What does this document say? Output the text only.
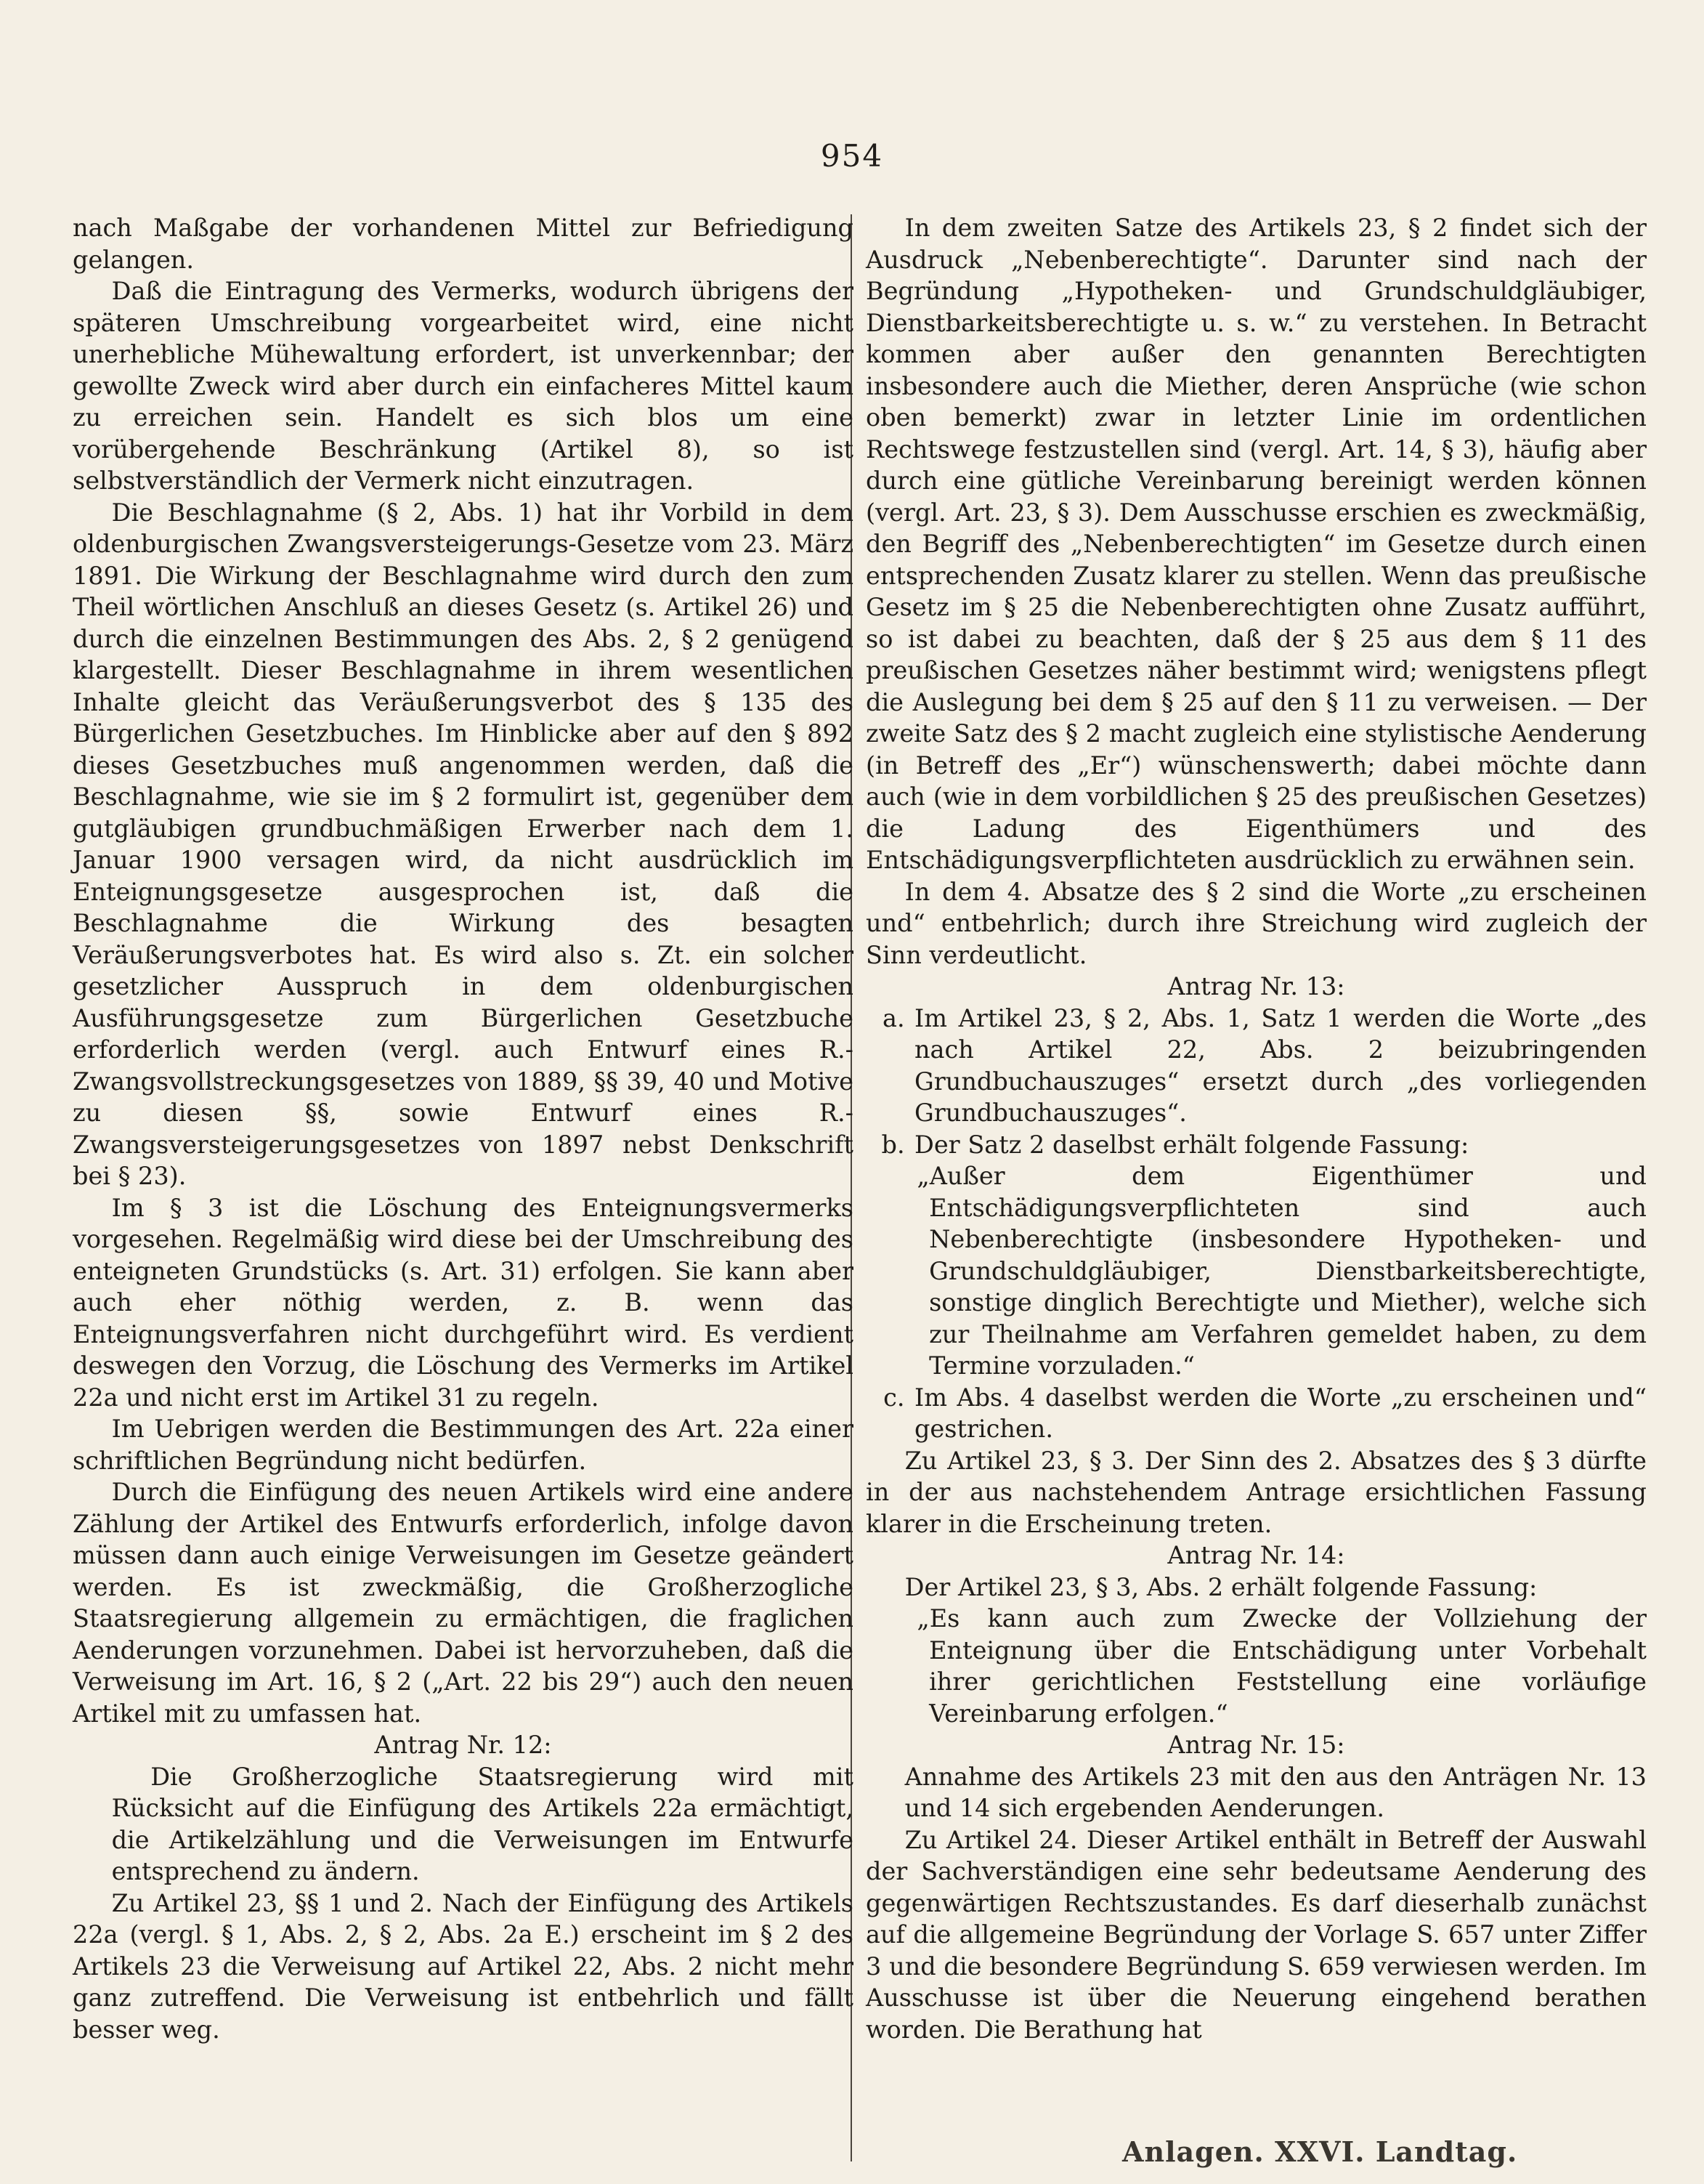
954

nach Maßgabe der vorhandenen Mittel zur Befriedigung gelangen.

Daß die Eintragung des Vermerks, wodurch übrigens der späteren Umschreibung vorgearbeitet wird, eine nicht unerhebliche Mühewaltung erfordert, ist unverkennbar; der gewollte Zweck wird aber durch ein einfacheres Mittel kaum zu erreichen sein. Handelt es sich blos um eine vorübergehende Beschränkung (Artikel 8), so ist selbstverständlich der Vermerk nicht einzutragen.

Die Beschlagnahme (§ 2, Abs. 1) hat ihr Vorbild in dem oldenburgischen Zwangsversteigerungs-Gesetze vom 23. März 1891. Die Wirkung der Beschlagnahme wird durch den zum Theil wörtlichen Anschluß an dieses Gesetz (s. Artikel 26) und durch die einzelnen Bestimmungen des Abs. 2, § 2 genügend klargestellt. Dieser Beschlagnahme in ihrem wesentlichen Inhalte gleicht das Veräußerungsverbot des § 135 des Bürgerlichen Gesetzbuches. Im Hinblicke aber auf den § 892 dieses Gesetzbuches muß angenommen werden, daß die Beschlagnahme, wie sie im § 2 formulirt ist, gegenüber dem gutgläubigen grundbuchmäßigen Erwerber nach dem 1. Januar 1900 versagen wird, da nicht ausdrücklich im Enteignungsgesetze ausgesprochen ist, daß die Beschlagnahme die Wirkung des besagten Veräußerungsverbotes hat. Es wird also s. Zt. ein solcher gesetzlicher Ausspruch in dem oldenburgischen Ausführungsgesetze zum Bürgerlichen Gesetzbuche erforderlich werden (vergl. auch Entwurf eines R.-Zwangsvollstreckungsgesetzes von 1889, §§ 39, 40 und Motive zu diesen §§, sowie Entwurf eines R.-Zwangsversteigerungsgesetzes von 1897 nebst Denkschrift bei § 23).

Im § 3 ist die Löschung des Enteignungsvermerks vorgesehen. Regelmäßig wird diese bei der Umschreibung des enteigneten Grundstücks (s. Art. 31) erfolgen. Sie kann aber auch eher nöthig werden, z. B. wenn das Enteignungsverfahren nicht durchgeführt wird. Es verdient deswegen den Vorzug, die Löschung des Vermerks im Artikel 22a und nicht erst im Artikel 31 zu regeln.

Im Uebrigen werden die Bestimmungen des Art. 22a einer schriftlichen Begründung nicht bedürfen.

Durch die Einfügung des neuen Artikels wird eine andere Zählung der Artikel des Entwurfs erforderlich, infolge davon müssen dann auch einige Verweisungen im Gesetze geändert werden. Es ist zweckmäßig, die Großherzogliche Staatsregierung allgemein zu ermächtigen, die fraglichen Aenderungen vorzunehmen. Dabei ist hervorzuheben, daß die Verweisung im Art. 16, § 2 („Art. 22 bis 29“) auch den neuen Artikel mit zu umfassen hat.

Antrag Nr. 12:

Die Großherzogliche Staatsregierung wird mit Rücksicht auf die Einfügung des Artikels 22a ermächtigt, die Artikelzählung und die Verweisungen im Entwurfe entsprechend zu ändern.

Zu Artikel 23, §§ 1 und 2. Nach der Einfügung des Artikels 22a (vergl. § 1, Abs. 2, § 2, Abs. 2a E.) erscheint im § 2 des Artikels 23 die Verweisung auf Artikel 22, Abs. 2 nicht mehr ganz zutreffend. Die Verweisung ist entbehrlich und fällt besser weg.

In dem zweiten Satze des Artikels 23, § 2 findet sich der Ausdruck „Nebenberechtigte“. Darunter sind nach der Begründung „Hypotheken- und Grundschuldgläubiger, Dienstbarkeitsberechtigte u. s. w.“ zu verstehen. In Betracht kommen aber außer den genannten Berechtigten insbesondere auch die Miether, deren Ansprüche (wie schon oben bemerkt) zwar in letzter Linie im ordentlichen Rechtswege festzustellen sind (vergl. Art. 14, § 3), häufig aber durch eine gütliche Vereinbarung bereinigt werden können (vergl. Art. 23, § 3). Dem Ausschusse erschien es zweckmäßig, den Begriff des „Nebenberechtigten“ im Gesetze durch einen entsprechenden Zusatz klarer zu stellen. Wenn das preußische Gesetz im § 25 die Nebenberechtigten ohne Zusatz aufführt, so ist dabei zu beachten, daß der § 25 aus dem § 11 des preußischen Gesetzes näher bestimmt wird; wenigstens pflegt die Auslegung bei dem § 25 auf den § 11 zu verweisen. — Der zweite Satz des § 2 macht zugleich eine stylistische Aenderung (in Betreff des „Er“) wünschenswerth; dabei möchte dann auch (wie in dem vorbildlichen § 25 des preußischen Gesetzes) die Ladung des Eigenthümers und des Entschädigungsverpflichteten ausdrücklich zu erwähnen sein.

In dem 4. Absatze des § 2 sind die Worte „zu erscheinen und“ entbehrlich; durch ihre Streichung wird zugleich der Sinn verdeutlicht.

Antrag Nr. 13:

a. Im Artikel 23, § 2, Abs. 1, Satz 1 werden die Worte „des nach Artikel 22, Abs. 2 beizubringenden Grundbuchauszuges“ ersetzt durch „des vorliegenden Grundbuchauszuges“.
b. Der Satz 2 daselbst erhält folgende Fassung:

„Außer dem Eigenthümer und Entschädigungsverpflichteten sind auch Nebenberechtigte (insbesondere Hypotheken- und Grundschuldgläubiger, Dienstbarkeitsberechtigte, sonstige dinglich Berechtigte und Miether), welche sich zur Theilnahme am Verfahren gemeldet haben, zu dem Termine vorzuladen.“

c. Im Abs. 4 daselbst werden die Worte „zu erscheinen und“ gestrichen.

Zu Artikel 23, § 3. Der Sinn des 2. Absatzes des § 3 dürfte in der aus nachstehendem Antrage ersichtlichen Fassung klarer in die Erscheinung treten.

Antrag Nr. 14:

Der Artikel 23, § 3, Abs. 2 erhält folgende Fassung:

„Es kann auch zum Zwecke der Vollziehung der Enteignung über die Entschädigung unter Vorbehalt ihrer gerichtlichen Feststellung eine vorläufige Vereinbarung erfolgen.“

Antrag Nr. 15:

Annahme des Artikels 23 mit den aus den Anträgen Nr. 13 und 14 sich ergebenden Aenderungen.

Zu Artikel 24. Dieser Artikel enthält in Betreff der Auswahl der Sachverständigen eine sehr bedeutsame Aenderung des gegenwärtigen Rechtszustandes. Es darf dieserhalb zunächst auf die allgemeine Begründung der Vorlage S. 657 unter Ziffer 3 und die besondere Begründung S. 659 verwiesen werden. Im Ausschusse ist über die Neuerung eingehend berathen worden. Die Berathung hat

Anlagen. XXVI. Landtag.
